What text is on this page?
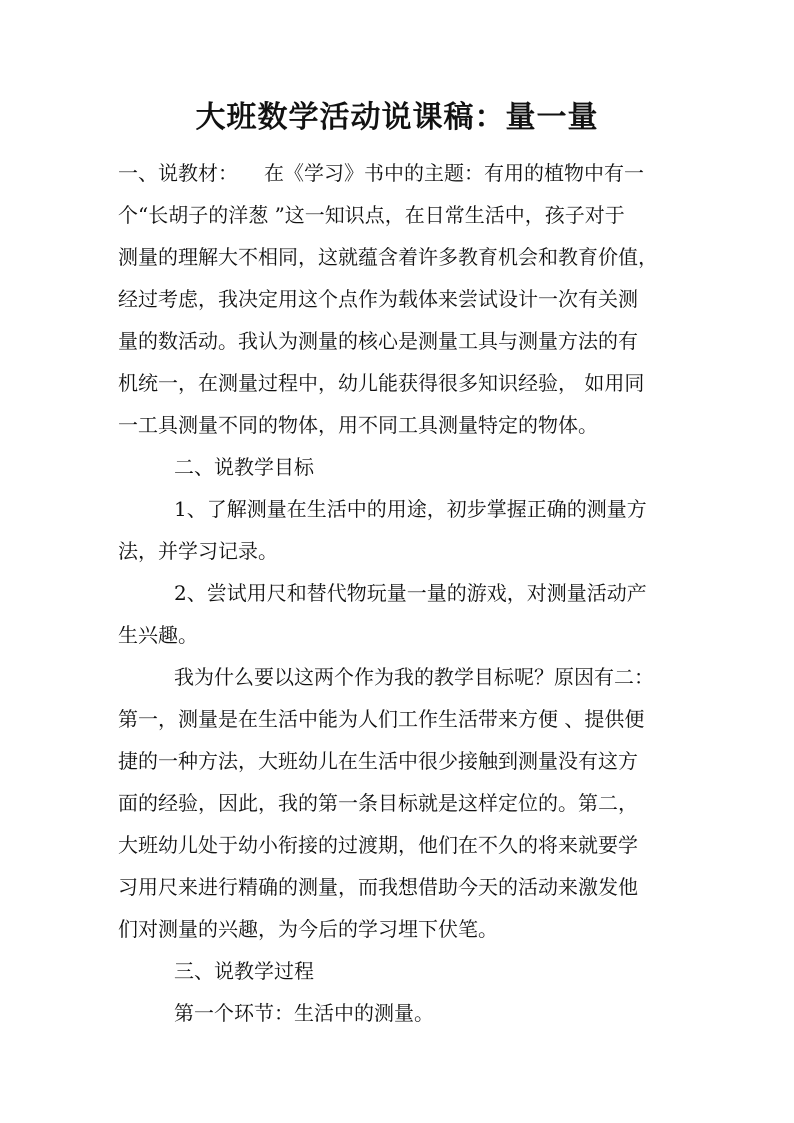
大班数学活动说课稿：量一量
一、说教材： 在《学习》书中的主题：有用的植物中有一
个“长胡子的洋葱 ”这一知识点，在日常生活中，孩子对于
测量的理解大不相同，这就蕴含着许多教育机会和教育价值，
经过考虑，我决定用这个点作为载体来尝试设计一次有关测
量的数活动。我认为测量的核心是测量工具与测量方法的有
机统一，在测量过程中，幼儿能获得很多知识经验， 如用同
一工具测量不同的物体，用不同工具测量特定的物体。
二、说教学目标
1、了解测量在生活中的用途，初步掌握正确的测量方
法，并学习记录。
2、尝试用尺和替代物玩量一量的游戏，对测量活动产
生兴趣。
我为什么要以这两个作为我的教学目标呢？原因有二：
第一，测量是在生活中能为人们工作生活带来方便 、提供便
捷的一种方法，大班幼儿在生活中很少接触到测量没有这方
面的经验，因此，我的第一条目标就是这样定位的。第二，
大班幼儿处于幼小衔接的过渡期，他们在不久的将来就要学
习用尺来进行精确的测量，而我想借助今天的活动来激发他
们对测量的兴趣，为今后的学习埋下伏笔。
三、说教学过程
第一个环节：生活中的测量。
